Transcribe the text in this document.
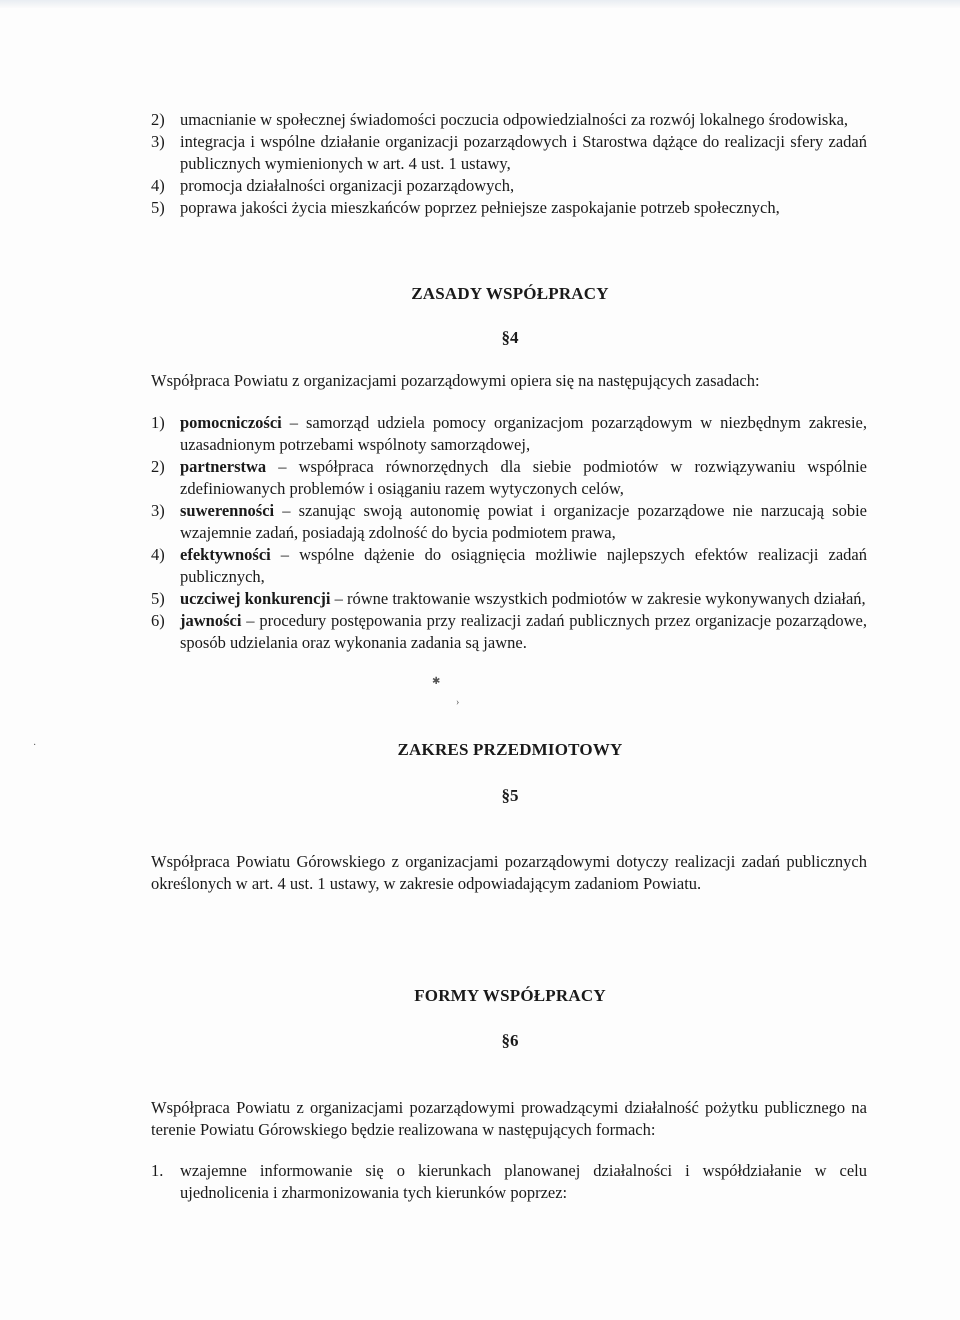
2) umacnianie w społecznej świadomości poczucia odpowiedzialności za rozwój lokalnego środowiska,
3) integracja i wspólne działanie organizacji pozarządowych i Starostwa dążące do realizacji sfery zadań publicznych wymienionych w art. 4 ust. 1 ustawy,
4) promocja działalności organizacji pozarządowych,
5) poprawa jakości życia mieszkańców poprzez pełniejsze zaspokajanie potrzeb społecznych,
ZASADY WSPÓŁPRACY
§4
Współpraca Powiatu z organizacjami pozarządowymi opiera się na następujących zasadach:
1) pomocniczości – samorząd udziela pomocy organizacjom pozarządowym w niezbędnym zakresie, uzasadnionym potrzebami wspólnoty samorządowej,
2) partnerstwa – współpraca równorzędnych dla siebie podmiotów w rozwiązywaniu wspólnie zdefiniowanych problemów i osiąganiu razem wytyczonych celów,
3) suwerenności – szanując swoją autonomię powiat i organizacje pozarządowe nie narzucają sobie wzajemnie zadań, posiadają zdolność do bycia podmiotem prawa,
4) efektywności – wspólne dążenie do osiągnięcia możliwie najlepszych efektów realizacji zadań publicznych,
5) uczciwej konkurencji – równe traktowanie wszystkich podmiotów w zakresie wykonywanych działań,
6) jawności – procedury postępowania przy realizacji zadań publicznych przez organizacje pozarządowe, sposób udzielania oraz wykonania zadania są jawne.
✱
›
·	ZAKRES PRZEDMIOTOWY
§5
Współpraca Powiatu Górowskiego z organizacjami pozarządowymi dotyczy realizacji zadań publicznych określonych w art. 4 ust. 1 ustawy, w zakresie odpowiadającym zadaniom Powiatu.
FORMY WSPÓŁPRACY
§6
Współpraca Powiatu z organizacjami pozarządowymi prowadzącymi działalność pożytku publicznego na terenie Powiatu Górowskiego będzie realizowana w następujących formach:
1. wzajemne informowanie się o kierunkach planowanej działalności i współdziałanie w celu ujednolicenia i zharmonizowania tych kierunków poprzez:
